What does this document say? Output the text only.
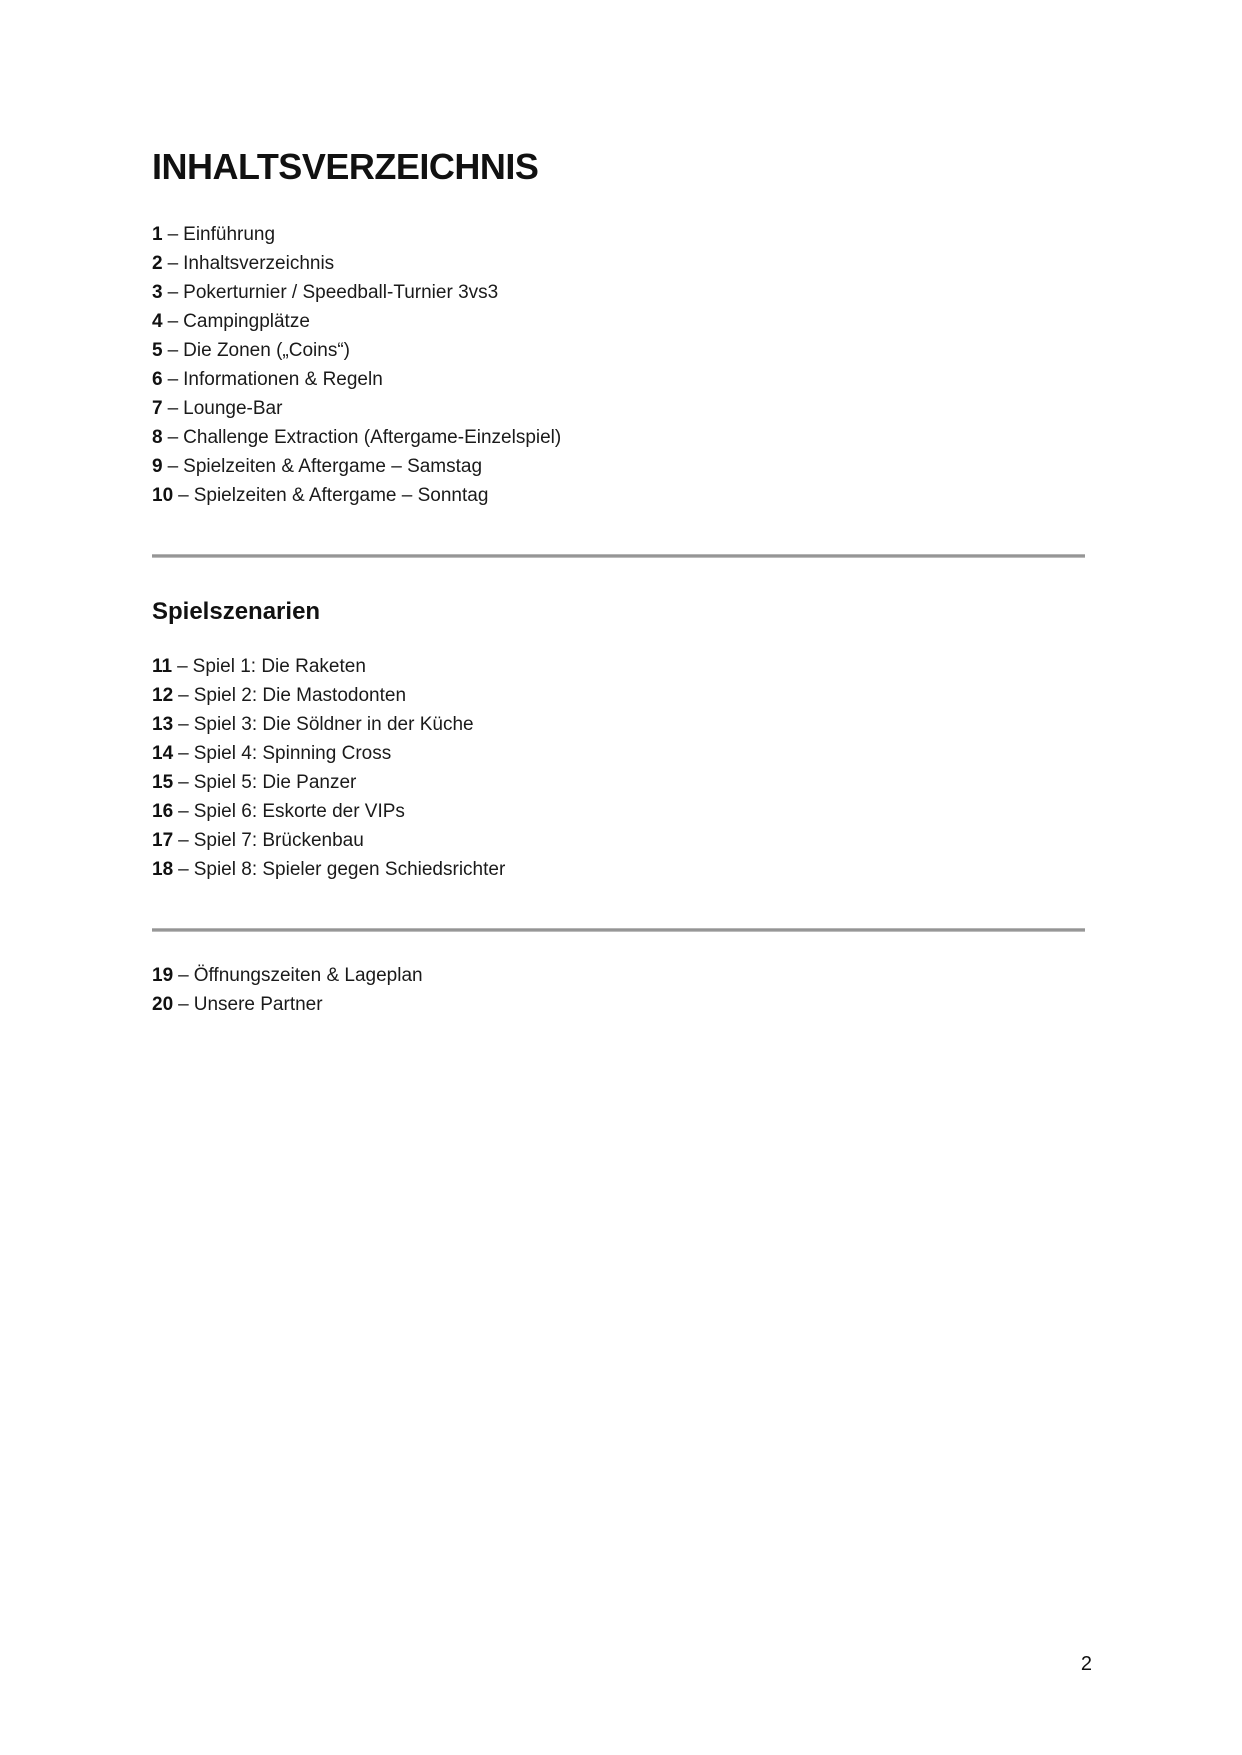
INHALTSVERZEICHNIS
1 – Einführung
2 – Inhaltsverzeichnis
3 – Pokerturnier / Speedball-Turnier 3vs3
4 – Campingplätze
5 – Die Zonen („Coins“)
6 – Informationen & Regeln
7 – Lounge-Bar
8 – Challenge Extraction (Aftergame-Einzelspiel)
9 – Spielzeiten & Aftergame – Samstag
10 – Spielzeiten & Aftergame – Sonntag
Spielszenarien
11 – Spiel 1: Die Raketen
12 – Spiel 2: Die Mastodonten
13 – Spiel 3: Die Söldner in der Küche
14 – Spiel 4: Spinning Cross
15 – Spiel 5: Die Panzer
16 – Spiel 6: Eskorte der VIPs
17 – Spiel 7: Brückenbau
18 – Spiel 8: Spieler gegen Schiedsrichter
19 – Öffnungszeiten & Lageplan
20 – Unsere Partner
2
